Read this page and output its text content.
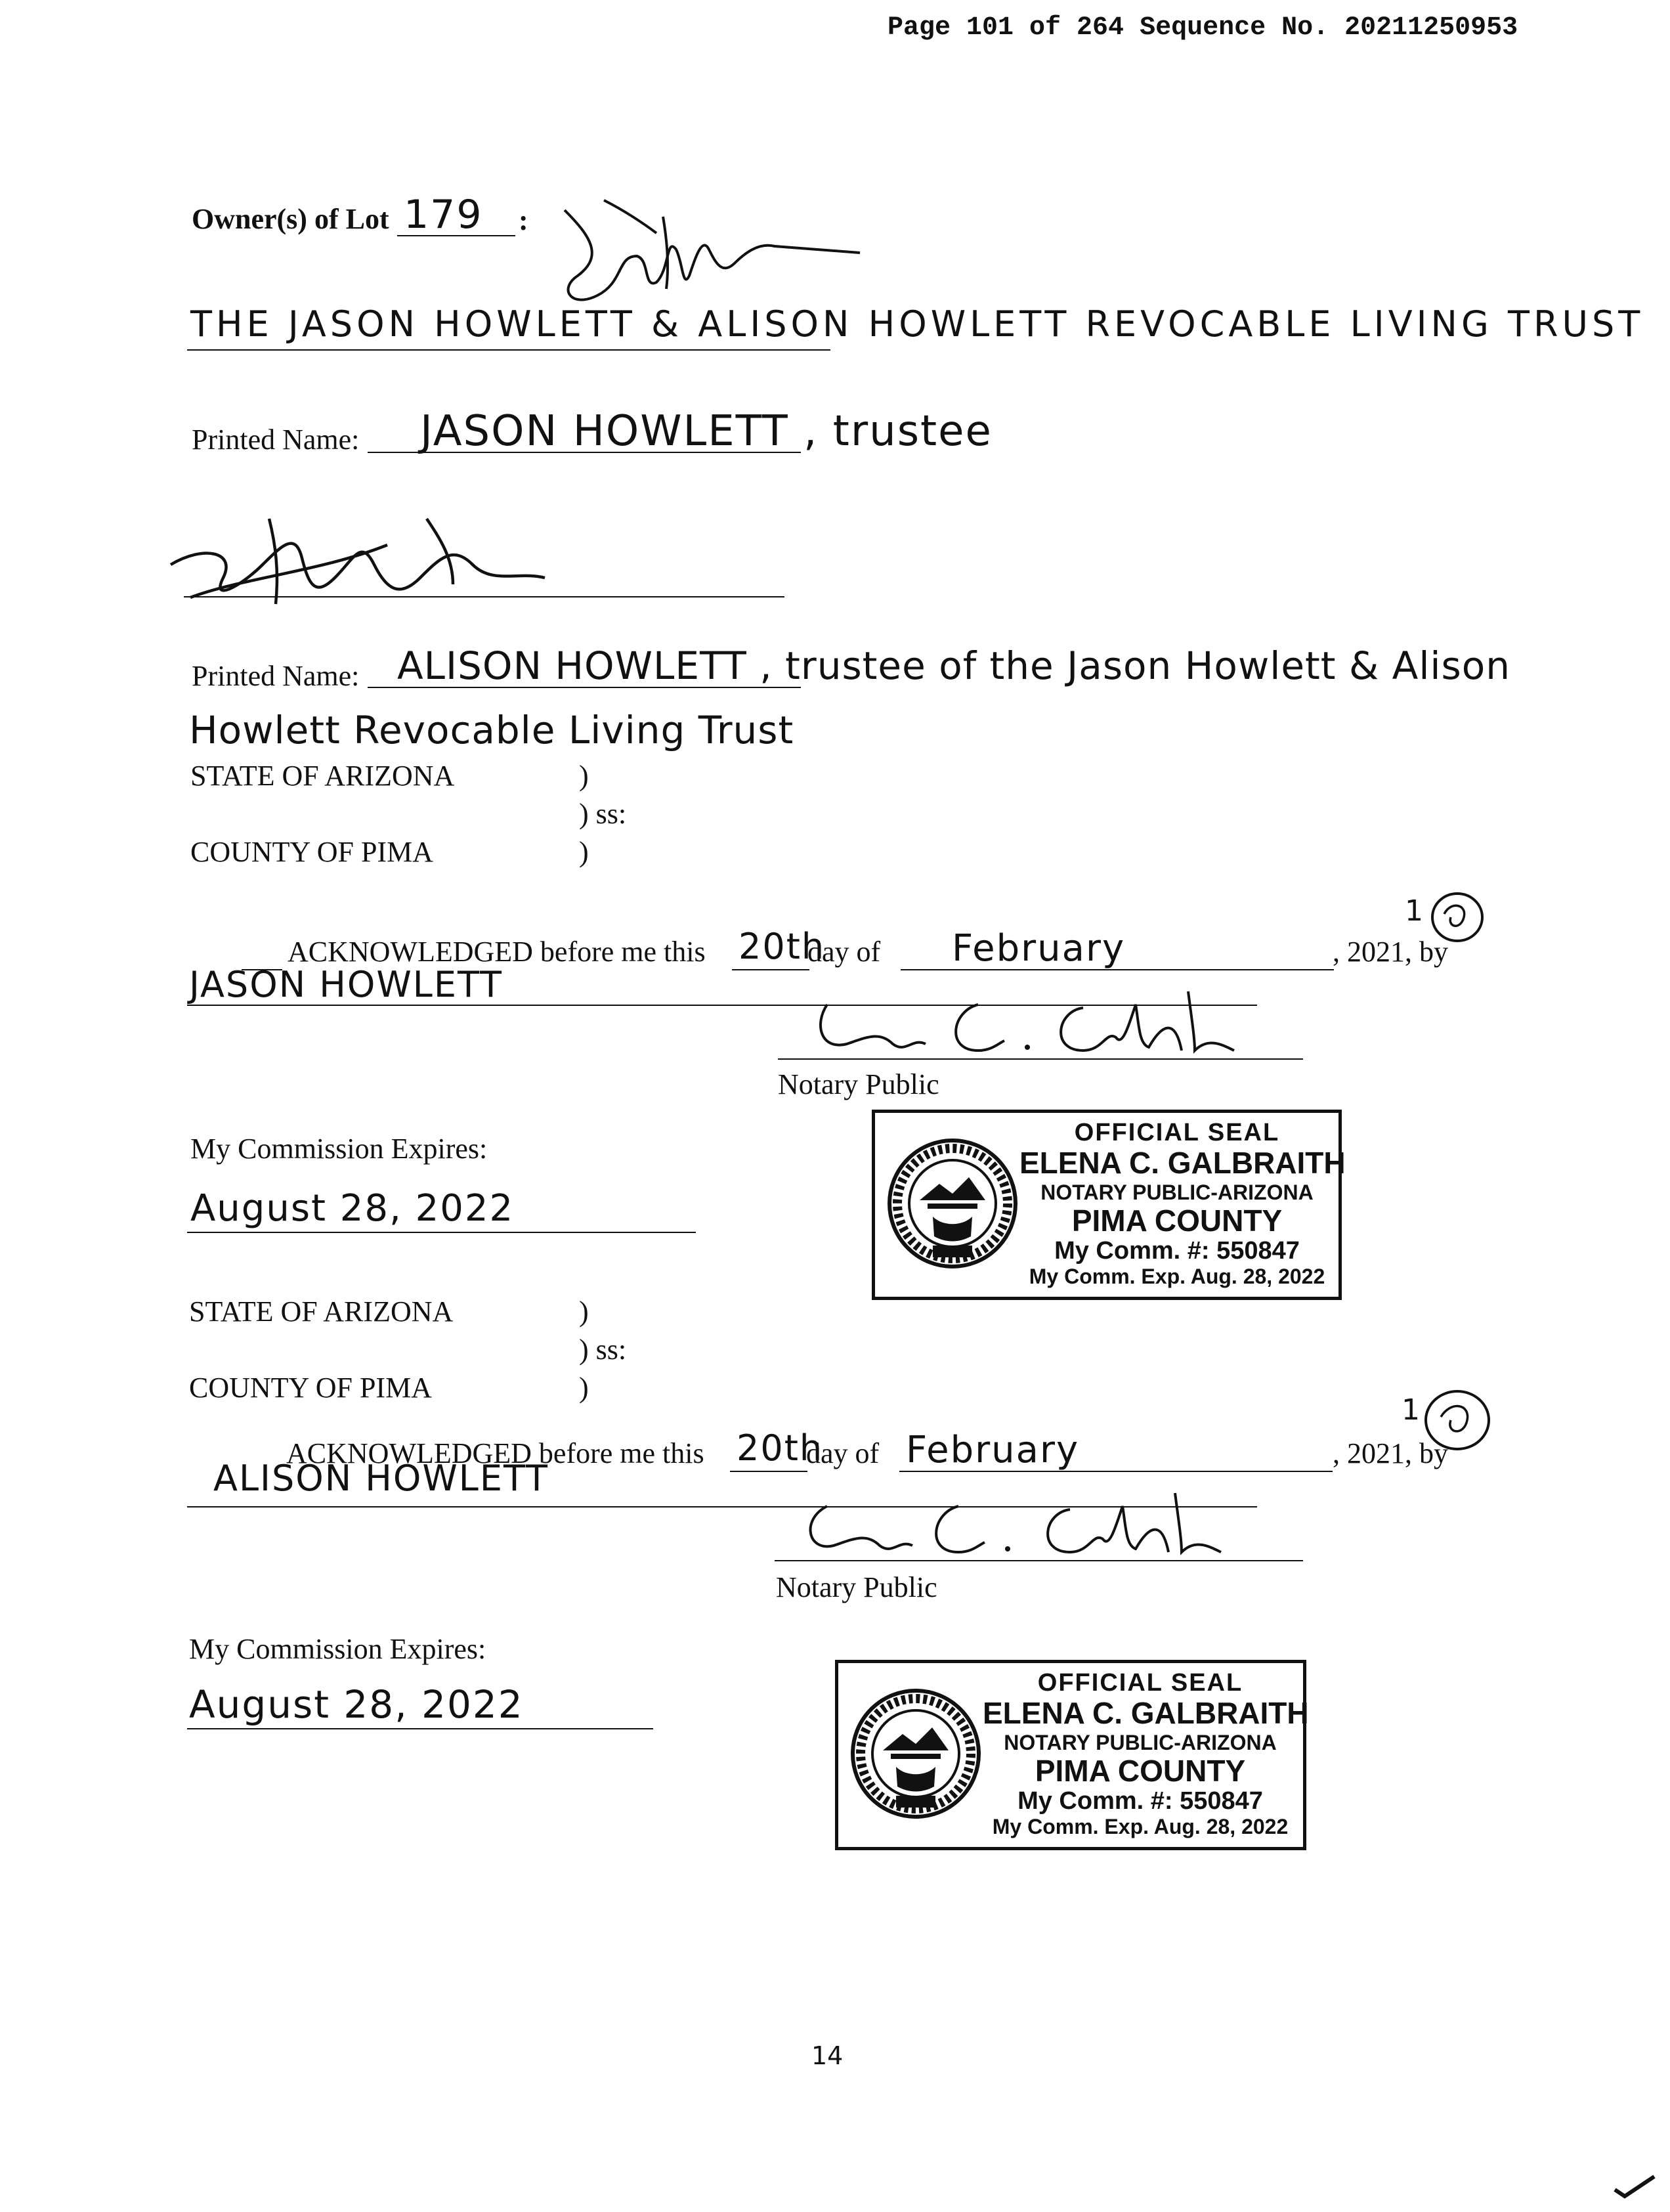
Page 101 of 264 Sequence No. 20211250953
Owner(s) of Lot 179 :
THE JASON HOWLETT & ALISON HOWLETT REVOCABLE LIVING TRUST
Printed Name: JASON HOWLETT , trustee
Printed Name: ALISON HOWLETT , trustee of the Jason Howlett & Alison
Howlett Revocable Living Trust
STATE OF ARIZONA	)
) ss:
COUNTY OF PIMA	)
ACKNOWLEDGED before me this 20th
day of February	, 2021, by
1
JASON HOWLETT
Notary Public
My Commission Expires:
August 28, 2022
OFFICIAL SEAL
ELENA C. GALBRAITH
NOTARY PUBLIC-ARIZONA
PIMA COUNTY
My Comm. #: 550847
My Comm. Exp. Aug. 28, 2022
STATE OF ARIZONA	)
) ss:
COUNTY OF PIMA	)
ACKNOWLEDGED before me this 20th
day of February	, 2021, by
1
ALISON HOWLETT
Notary Public
My Commission Expires:
August 28, 2022	OFFICIAL SEAL
ELENA C. GALBRAITH
NOTARY PUBLIC-ARIZONA
PIMA COUNTY
My Comm. #: 550847
My Comm. Exp. Aug. 28, 2022
14
